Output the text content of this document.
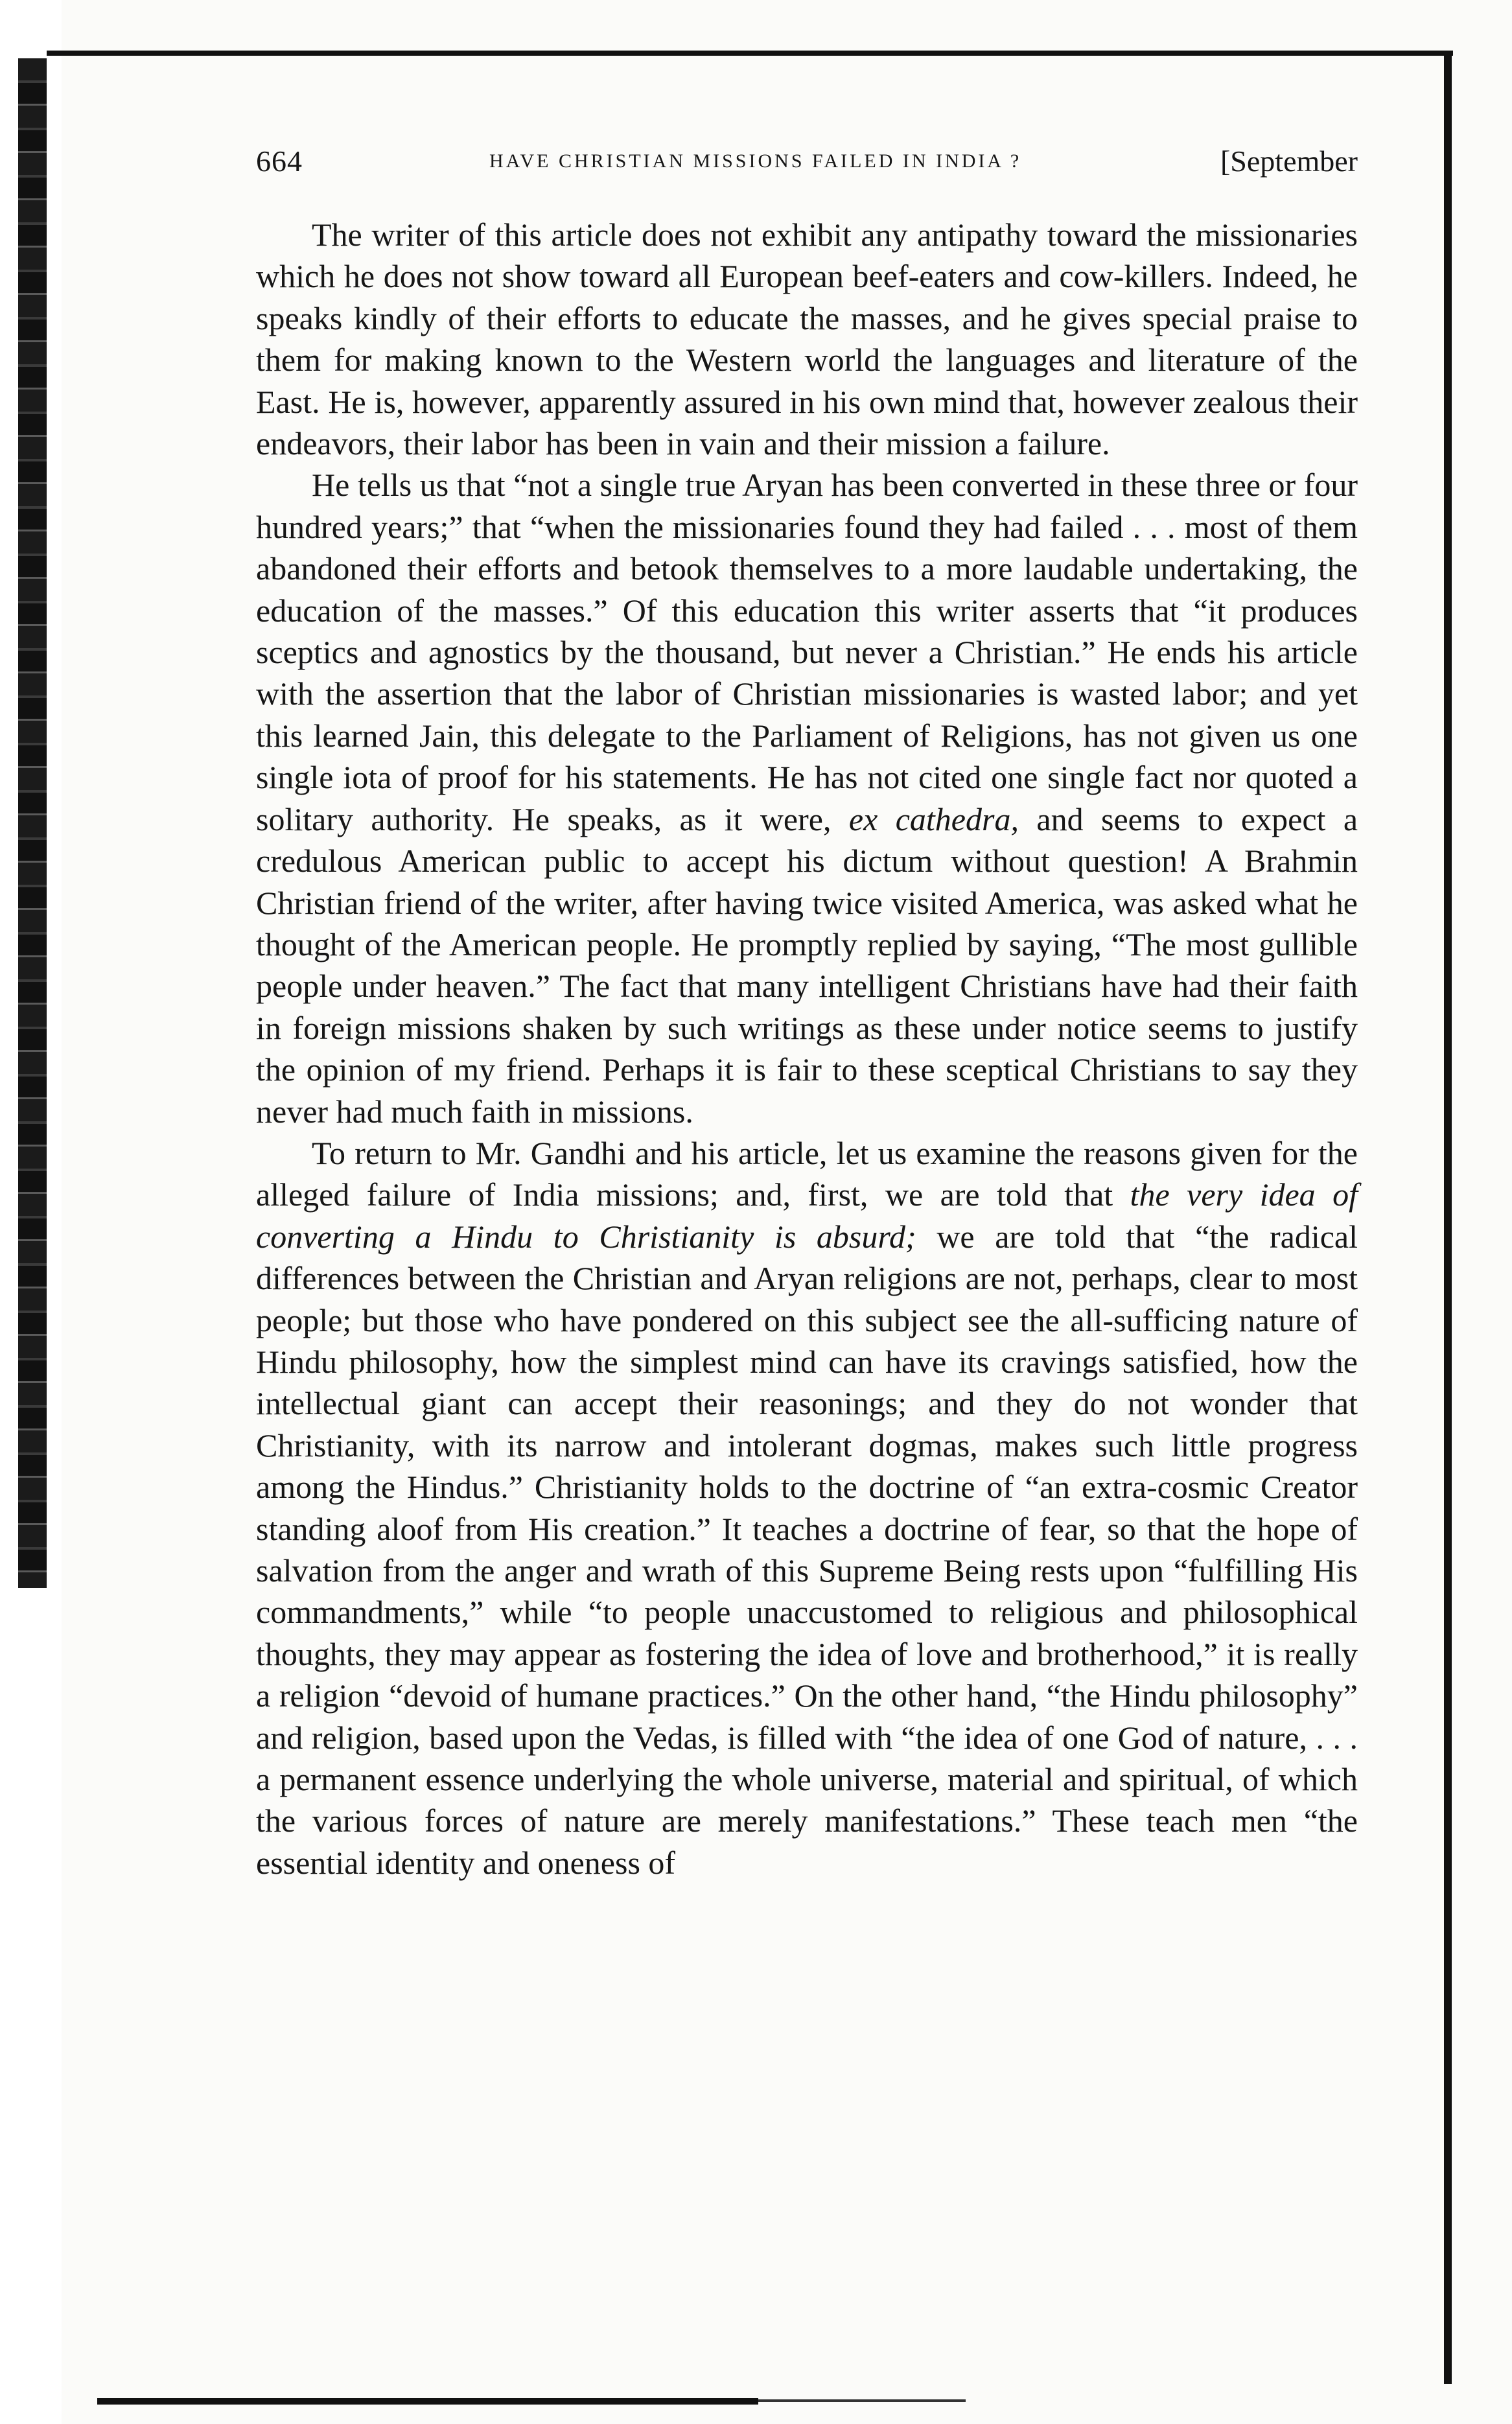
664	HAVE CHRISTIAN MISSIONS FAILED IN INDIA ?	[September

The writer of this article does not exhibit any antipathy toward the missionaries which he does not show toward all European beef-eaters and cow-killers. Indeed, he speaks kindly of their efforts to educate the masses, and he gives special praise to them for making known to the Western world the languages and literature of the East. He is, however, apparently assured in his own mind that, however zealous their endeavors, their labor has been in vain and their mission a failure.

He tells us that “not a single true Aryan has been converted in these three or four hundred years;” that “when the missionaries found they had failed . . . most of them abandoned their efforts and betook themselves to a more laudable undertaking, the education of the masses.” Of this education this writer asserts that “it produces sceptics and agnostics by the thousand, but never a Christian.” He ends his article with the assertion that the labor of Christian missionaries is wasted labor; and yet this learned Jain, this delegate to the Parliament of Religions, has not given us one single iota of proof for his statements. He has not cited one single fact nor quoted a solitary authority. He speaks, as it were, ex cathedra, and seems to expect a credulous American public to accept his dictum without question! A Brahmin Christian friend of the writer, after having twice visited America, was asked what he thought of the American people. He promptly replied by saying, “The most gullible people under heaven.” The fact that many intelligent Christians have had their faith in foreign missions shaken by such writings as these under notice seems to justify the opinion of my friend. Perhaps it is fair to these sceptical Christians to say they never had much faith in missions.

To return to Mr. Gandhi and his article, let us examine the reasons given for the alleged failure of India missions; and, first, we are told that the very idea of converting a Hindu to Christianity is absurd; we are told that “the radical differences between the Christian and Aryan religions are not, perhaps, clear to most people; but those who have pondered on this subject see the all-sufficing nature of Hindu philosophy, how the simplest mind can have its cravings satisfied, how the intellectual giant can accept their reasonings; and they do not wonder that Christianity, with its narrow and intolerant dogmas, makes such little progress among the Hindus.” Christianity holds to the doctrine of “an extra-cosmic Creator standing aloof from His creation.” It teaches a doctrine of fear, so that the hope of salvation from the anger and wrath of this Supreme Being rests upon “fulfilling His commandments,” while “to people unaccustomed to religious and philosophical thoughts, they may appear as fostering the idea of love and brotherhood,” it is really a religion “devoid of humane practices.” On the other hand, “the Hindu philosophy” and religion, based upon the Vedas, is filled with “the idea of one God of nature, . . . a permanent essence underlying the whole universe, material and spiritual, of which the various forces of nature are merely manifestations.” These teach men “the essential identity and oneness of
